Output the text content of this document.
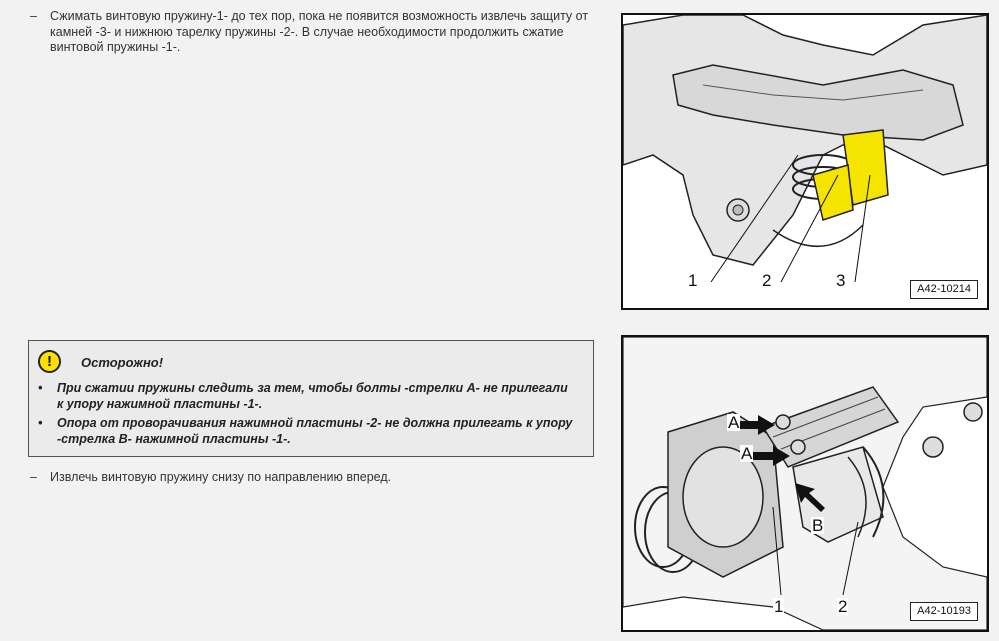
– Сжимать винтовую пружину-1- до тех пор, пока не появится возможность извлечь защиту от камней -3- и нижнюю тарелку пружины -2-. В случае необходимости продолжить сжатие винтовой пружины -1-.
!	Осторожно!
• При сжатии пружины следить за тем, чтобы болты -стрелки A- не прилегали к упору нажимной пластины -1-.
• Опора от проворачивания нажимной пластины -2- не должна прилегать к упору -стрелка B- нажимной пластины -1-.
– Извлечь винтовую пружину снизу по направлению вперед.
1	2	3	A42-10214
A
A
B
1	2	A42-10193
